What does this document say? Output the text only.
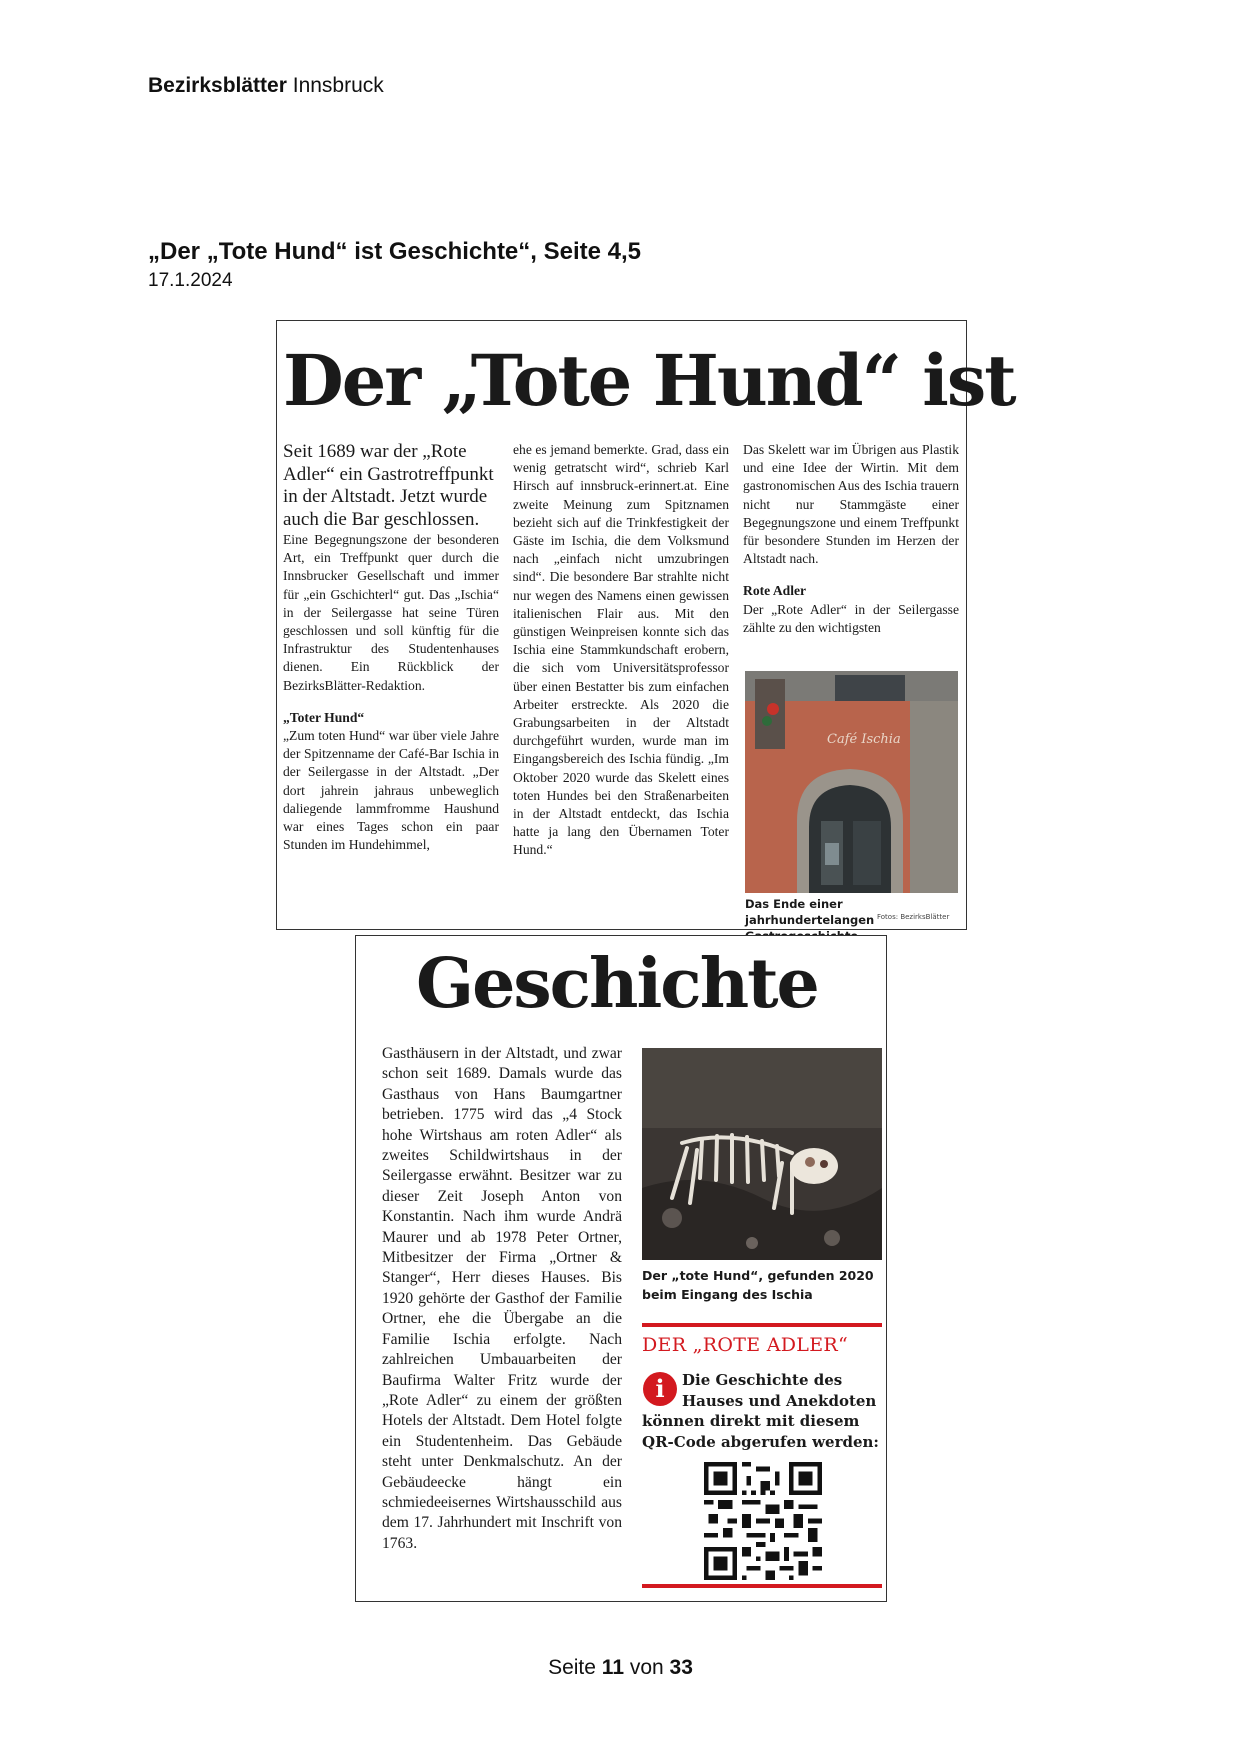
Bezirksblätter Innsbruck
„Der „Tote Hund“ ist Geschichte“, Seite 4,5
17.1.2024
Der „Tote Hund“ ist

Seit 1689 war der „Rote Adler“ ein Gastrotreffpunkt in der Altstadt. Jetzt wurde auch die Bar geschlossen.

Eine Begegnungszone der besonderen Art, ein Treffpunkt quer durch die Innsbrucker Gesellschaft und immer für „ein Gschichterl“ gut. Das „Ischia“ in der Seilergasse hat seine Türen geschlossen und soll künftig für die Infrastruktur des Studentenhauses dienen. Ein Rückblick der BezirksBlätter-Redaktion.

„Toter Hund“

„Zum toten Hund“ war über viele Jahre der Spitzenname der Café-Bar Ischia in der Seilergasse in der Altstadt. „Der dort jahrein jahraus unbeweglich daliegende lammfromme Haushund war eines Tages schon ein paar Stunden im Hundehimmel,

ehe es jemand bemerkte. Grad, dass ein wenig getratscht wird“, schrieb Karl Hirsch auf innsbruck-erinnert.at. Eine zweite Meinung zum Spitznamen bezieht sich auf die Trinkfestigkeit der Gäste im Ischia, die dem Volksmund nach „einfach nicht umzubringen sind“. Die besondere Bar strahlte nicht nur wegen des Namens einen gewissen italienischen Flair aus. Mit den günstigen Weinpreisen konnte sich das Ischia eine Stammkundschaft erobern, die sich vom Universitätsprofessor über einen Bestatter bis zum einfachen Arbeiter erstreckte. Als 2020 die Grabungsarbeiten in der Altstadt durchgeführt wurden, wurde man im Eingangsbereich des Ischia fündig. „Im Oktober 2020 wurde das Skelett eines toten Hundes bei den Straßenarbeiten in der Altstadt entdeckt, das Ischia hatte ja lang den Übernamen Toter Hund.“

Das Skelett war im Übrigen aus Plastik und eine Idee der Wirtin. Mit dem gastronomischen Aus des Ischia trauern nicht nur Stammgäste einer Begegnungszone und einem Treffpunkt für besondere Stunden im Herzen der Altstadt nach.

Rote Adler

Der „Rote Adler“ in der Seilergasse zählte zu den wichtigsten

Café Ischia
Das Ende einer jahrhundertelangen Fotos: BezirksBlätter
Geschichte

Gasthäusern in der Altstadt, und zwar schon seit 1689. Damals wurde das Gasthaus von Hans Baumgartner betrieben. 1775 wird das „4 Stock hohe Wirtshaus am roten Adler“ als zweites Schildwirtshaus in der Seilergasse erwähnt. Besitzer war zu dieser Zeit Joseph Anton von Konstantin. Nach ihm wurde Andrä Maurer und ab 1978 Peter Ortner, Mitbesitzer der Firma „Ortner & Stanger“, Herr dieses Hauses. Bis 1920 gehörte der Gasthof der Familie Ortner, ehe die Übergabe an die Familie Ischia erfolgte. Nach zahlreichen Umbauarbeiten der Baufirma Walter Fritz wurde der „Rote Adler“ zu einem der größten Hotels der Altstadt. Dem Hotel folgte ein Studentenheim. Das Gebäude steht unter Denkmalschutz. An der Gebäudeecke hängt ein schmiedeeisernes Wirtshausschild aus dem 17. Jahrhundert mit Inschrift von 1763.

Der „tote Hund“, gefunden 2020 beim Eingang des Ischia
DER „ROTE ADLER“
i	Die Geschichte des
Hauses und Anekdoten
können direkt mit diesem QR-Code abgerufen werden:
Seite 11 von 33
